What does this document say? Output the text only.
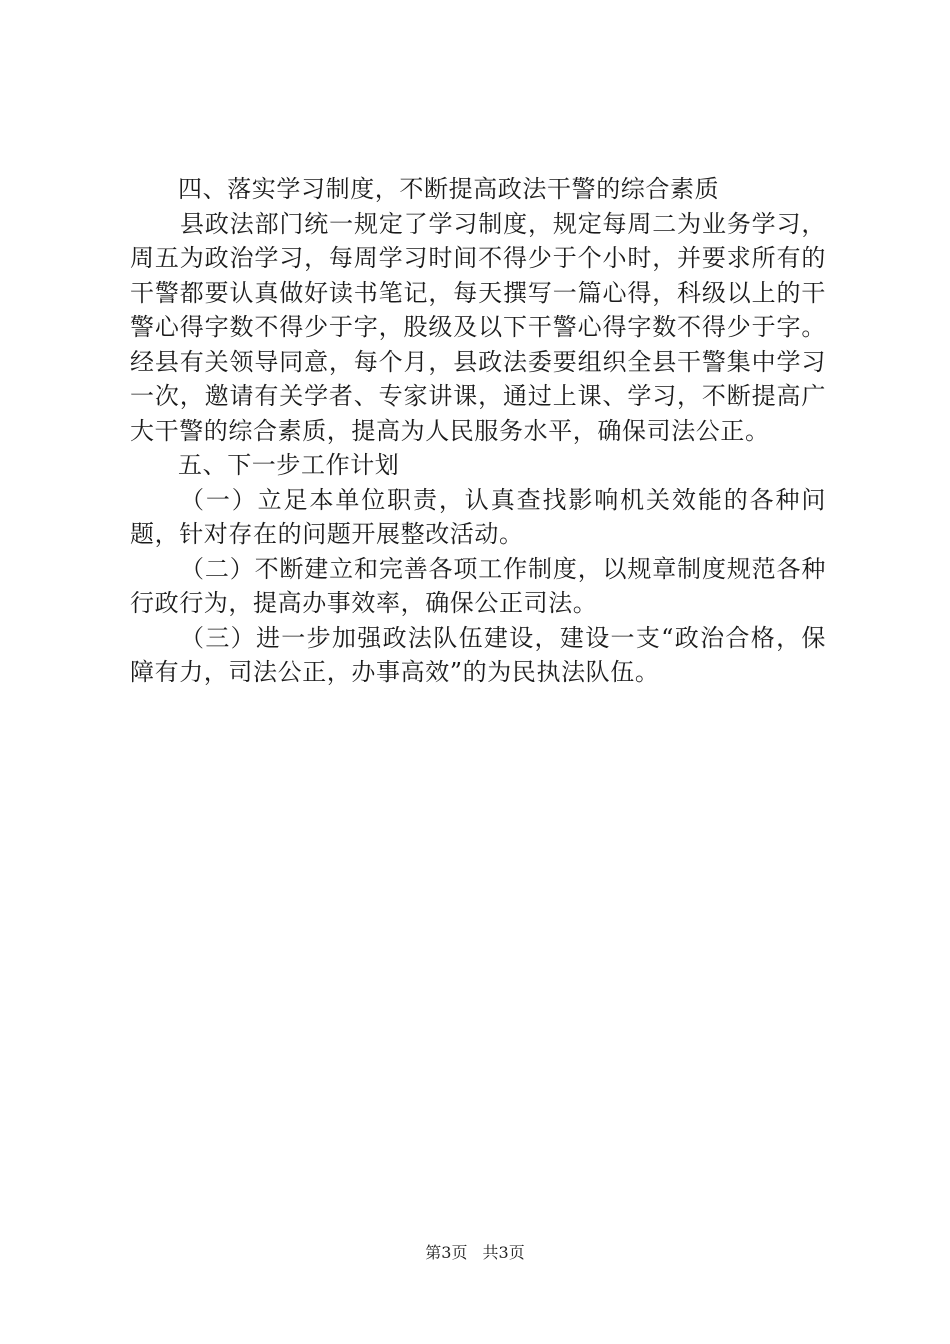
四、落实学习制度，不断提高政法干警的综合素质

县政法部门统一规定了学习制度，规定每周二为业务学习，周五为政治学习，每周学习时间不得少于个小时，并要求所有的干警都要认真做好读书笔记，每天撰写一篇心得，科级以上的干警心得字数不得少于字，股级及以下干警心得字数不得少于字。经县有关领导同意，每个月，县政法委要组织全县干警集中学习一次，邀请有关学者、专家讲课，通过上课、学习，不断提高广大干警的综合素质，提高为人民服务水平，确保司法公正。

五、下一步工作计划

（一）立足本单位职责，认真查找影响机关效能的各种问题，针对存在的问题开展整改活动。

（二）不断建立和完善各项工作制度，以规章制度规范各种行政行为，提高办事效率，确保公正司法。

（三）进一步加强政法队伍建设，建设一支“政治合格，保障有力，司法公正，办事高效”的为民执法队伍。

第3页 共3页
